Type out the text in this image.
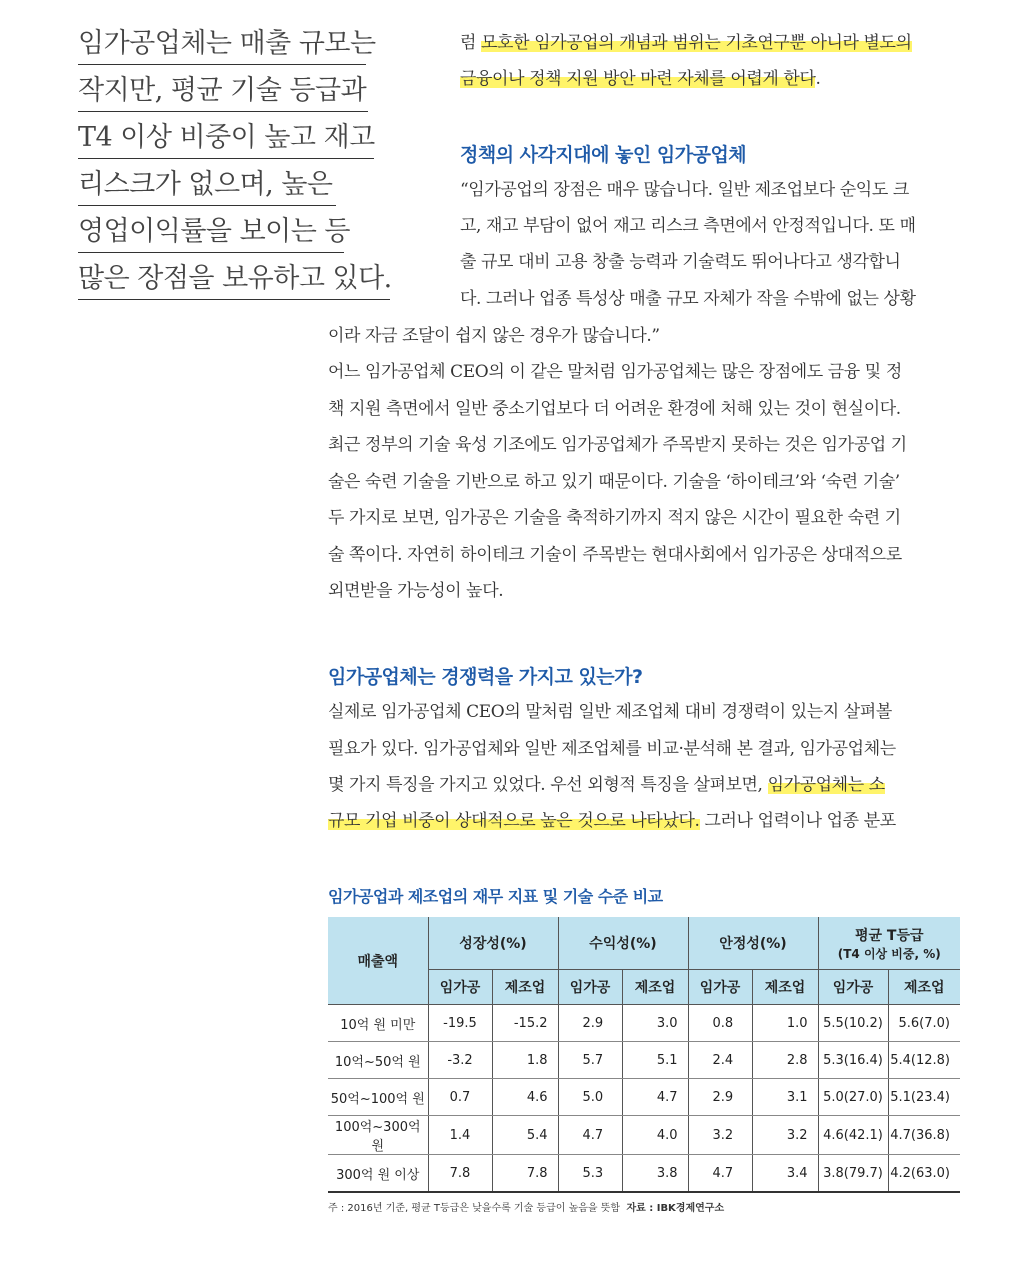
임가공업체는 매출 규모는
작지만, 평균 기술 등급과
T4 이상 비중이 높고 재고
리스크가 없으며, 높은
영업이익률을 보이는 등
많은 장점을 보유하고 있다.
럼 모호한 임가공업의 개념과 범위는 기초연구뿐 아니라 별도의
금융이나 정책 지원 방안 마련 자체를 어렵게 한다.
정책의 사각지대에 놓인 임가공업체
“임가공업의 장점은 매우 많습니다. 일반 제조업보다 순익도 크
고, 재고 부담이 없어 재고 리스크 측면에서 안정적입니다. 또 매
출 규모 대비 고용 창출 능력과 기술력도 뛰어나다고 생각합니
다. 그러나 업종 특성상 매출 규모 자체가 작을 수밖에 없는 상황
이라 자금 조달이 쉽지 않은 경우가 많습니다.”
어느 임가공업체 CEO의 이 같은 말처럼 임가공업체는 많은 장점에도 금융 및 정
책 지원 측면에서 일반 중소기업보다 더 어려운 환경에 처해 있는 것이 현실이다.
최근 정부의 기술 육성 기조에도 임가공업체가 주목받지 못하는 것은 임가공업 기
술은 숙련 기술을 기반으로 하고 있기 때문이다. 기술을 ‘하이테크’와 ‘숙련 기술’
두 가지로 보면, 임가공은 기술을 축적하기까지 적지 않은 시간이 필요한 숙련 기
술 쪽이다. 자연히 하이테크 기술이 주목받는 현대사회에서 임가공은 상대적으로
외면받을 가능성이 높다.
임가공업체는 경쟁력을 가지고 있는가?
실제로 임가공업체 CEO의 말처럼 일반 제조업체 대비 경쟁력이 있는지 살펴볼
필요가 있다. 임가공업체와 일반 제조업체를 비교·분석해 본 결과, 임가공업체는
몇 가지 특징을 가지고 있었다. 우선 외형적 특징을 살펴보면, 임가공업체는 소
규모 기업 비중이 상대적으로 높은 것으로 나타났다. 그러나 업력이나 업종 분포
임가공업과 제조업의 재무 지표 및 기술 수준 비교
매출액	성장성(%)		수익성(%)		안정성(%)		평균 T등급
(T4 이상 비중, %)	

	임가공	제조업	임가공	제조업	임가공	제조업	임가공	제조업
10억 원 미만	-19.5	-15.2	2.9	3.0	0.8	1.0	5.5(10.2)	5.6(7.0)
10억~50억 원	-3.2	1.8	5.7	5.1	2.4	2.8	5.3(16.4)	5.4(12.8)
50억~100억 원	0.7	4.6	5.0	4.7	2.9	3.1	5.0(27.0)	5.1(23.4)
100억~300억 원	1.4	5.4	4.7	4.0	3.2	3.2	4.6(42.1)	4.7(36.8)
300억 원 이상	7.8	7.8	5.3	3.8	4.7	3.4	3.8(79.7)	4.2(63.0)
주 : 2016년 기준, 평균 T등급은 낮을수록 기술 등급이 높음을 뜻함 자료 : IBK경제연구소
